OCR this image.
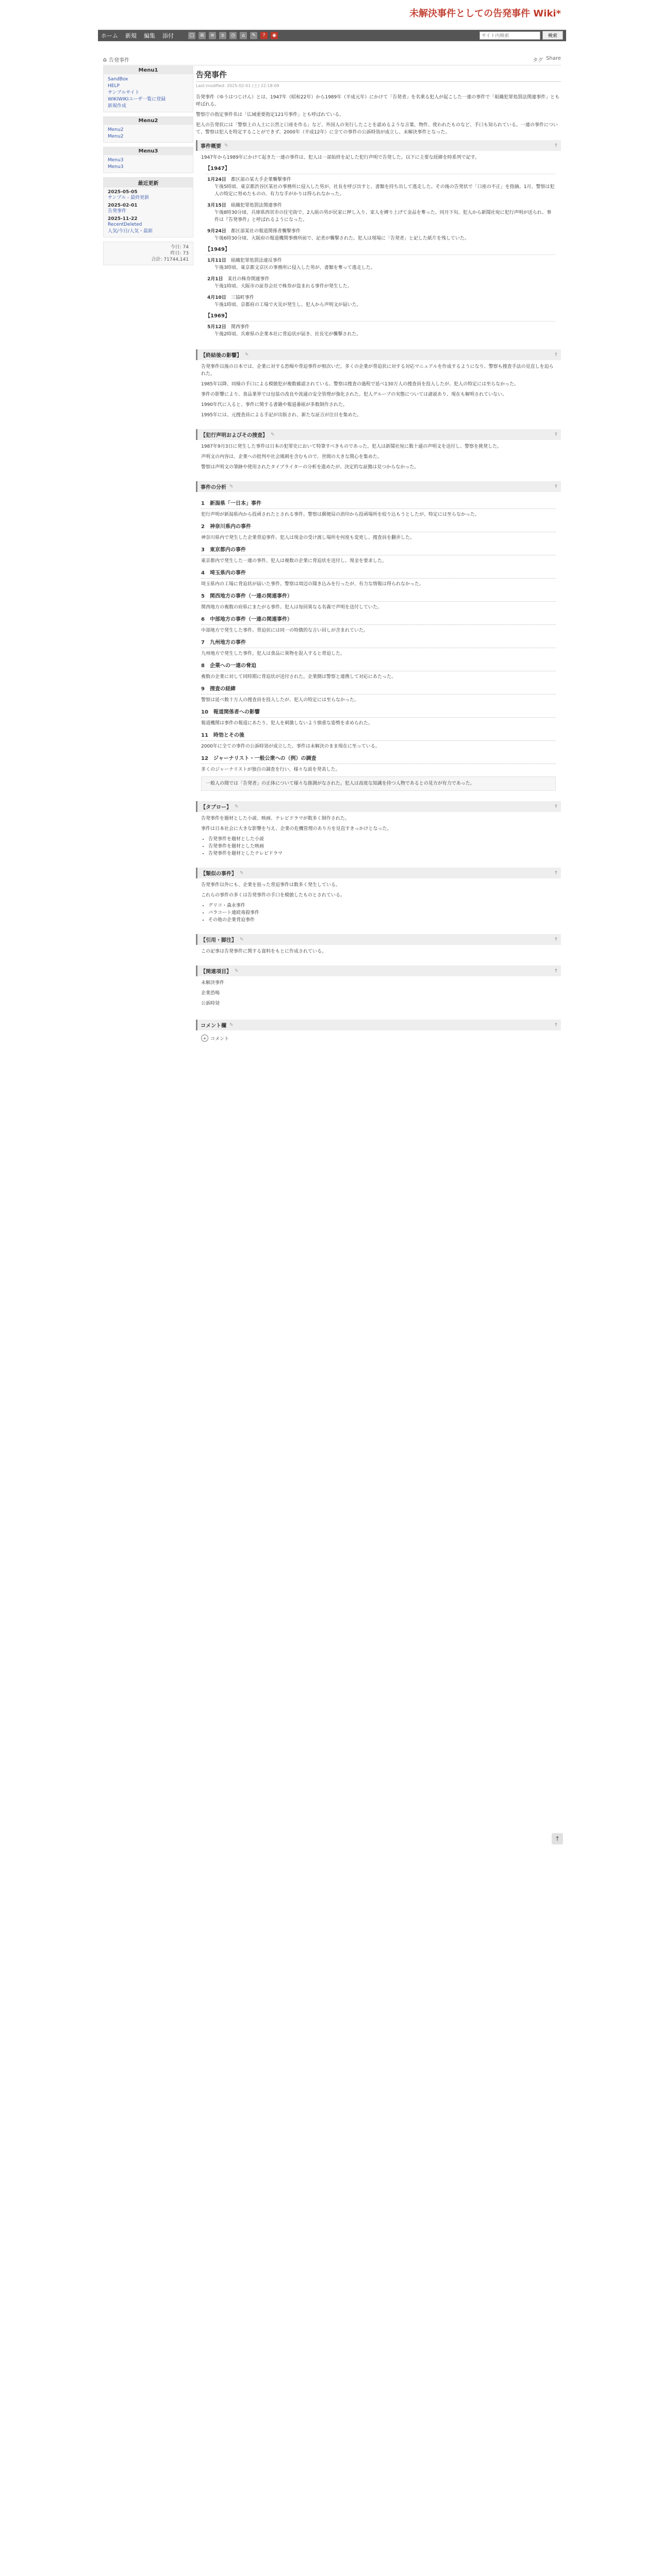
未解決事件としての告発事件 Wiki*
ホーム 新規 編集 添付	▢	⧉	≡	±	◷	⌂	✎	?	◉
サイト内検索	検索
⌂ 告発事件	タグ Share
Menu1
SandBox
HELP
サンプルサイト
WIKIWIKIユーザ一覧に登録
新規作成
Menu2
Menu2
Menu2
Menu3
Menu3
Menu3
最近更新
2025-05-05
サンプル - 最終更新
2025-02-01
告発事件
2025-11-22
RecentDeleted
人気/今日/人気・最新
今日: 74
昨日: 73
合計: 71744,141
告発事件
Last-modified: 2025-02-01 (土) 22:18:09

告発事件（ゆうはつじけん）とは、1947年（昭和22年）から1989年（平成元年）にかけて「告発者」を名乗る犯人が起こした一連の事件で「組織犯罪処罰法関連事件」とも呼ばれる。

警察庁の指定事件名は「広域重要指定121号事件」とも呼ばれている。

犯人の告発状には「警察上の人士に公然と口座を作る」など、外国人の実行したことを認めるような言葉、物件、使われたものなど、手口も知られている。一連の事件について、警察は犯人を特定することができず、2000年（平成12年）に全ての事件の公訴時効が成立し、未解決事件となった。

事件概要 ✎	↑

1947年から1989年にかけて起きた一連の事件は、犯人は一部始終を記した犯行声明で告発した。以下に主要な経緯を時系列で記す。

【1947】
1月24日　 都区部の某大手企業襲撃事件
午後5時頃、東京都渋谷区某社の事務所に侵入した男が、社長を呼び出すと、書類を持ち出して逃走した。その後の告発状で「口座の不正」を指摘。1月、警察は犯人の特定に努めたものの、有力な手がかりは得られなかった。
3月15日　 組織犯罪処罰法関連事件
午後8時30分頃、兵庫県西宮市の住宅街で、2人組の男が民家に押し入り、家人を縛り上げて金品を奪った。同月下旬、犯人から新聞社宛に犯行声明が送られ、事件は『告発事件』と呼ばれるようになった。
9月24日　 都区部某社の報道関係者襲撃事件
午後6時30分頃、大阪府の報道機関事務所前で、記者が襲撃された。犯人は現場に「告発者」と記した紙片を残していた。
【1949】
1月11日　 組織犯罪処罰法違反事件
午後3時頃、東京都文京区の事務所に侵入した男が、書類を奪って逃走した。
2月1日　 某社の株券関連事件
午後1時頃、大阪市の証券会社で株券が盗まれる事件が発生した。
4月10日　 三協町事件
午後1時頃、京都府の工場で火災が発生し、犯人から声明文が届いた。
【1969】
5月12日　 関西事件
午後2時頃、兵庫県の企業本社に脅迫状が届き、社長宅が襲撃された。
【終結後の影響】 ✎	↑

告発事件以後の日本では、企業に対する恐喝や脅迫事件が相次いだ。多くの企業が脅迫状に対する対応マニュアルを作成するようになり、警察も捜査手法の見直しを迫られた。

1985年以降、同様の手口による模倣犯が複数確認されている。警察は捜査の過程で延べ130万人の捜査員を投入したが、犯人の特定には至らなかった。

事件の影響により、食品業界では包装の改良や流通の安全管理が強化された。犯人グループの実態については諸説あり、現在も解明されていない。

1990年代に入ると、事件に関する書籍や報道番組が多数制作された。

1995年には、元捜査員による手記が出版され、新たな証言が注目を集めた。

【犯行声明およびその捜査】 ✎	↑

1987年9月3日に発生した事件は日本の犯罪史において特筆すべきものであった。犯人は新聞社宛に数十通の声明文を送付し、警察を挑発した。

声明文の内容は、企業への批判や社会風刺を含むもので、世間の大きな関心を集めた。

警察は声明文の筆跡や使用されたタイプライターの分析を進めたが、決定的な証拠は見つからなかった。

事件の分析 ✎	↑
1　新潟県「一日本」事件

犯行声明が新潟県内から投函されたとされる事件。警察は郵便局の消印から投函場所を絞り込もうとしたが、特定には至らなかった。

2　神奈川県内の事件

神奈川県内で発生した企業脅迫事件。犯人は現金の受け渡し場所を何度も変更し、捜査員を翻弄した。

3　東京都内の事件

東京都内で発生した一連の事件。犯人は複数の企業に脅迫状を送付し、現金を要求した。

4　埼玉県内の事件

埼玉県内の工場に脅迫状が届いた事件。警察は周辺の聞き込みを行ったが、有力な情報は得られなかった。

5　関西地方の事件（一連の関連事件）

関西地方の複数の府県にまたがる事件。犯人は毎回異なる名義で声明を送付していた。

6　中部地方の事件（一連の関連事件）

中部地方で発生した事件。脅迫状には同一の特徴的な言い回しが含まれていた。

7　九州地方の事件

九州地方で発生した事件。犯人は食品に異物を混入すると脅迫した。

8　企業への一連の脅迫

複数の企業に対して同時期に脅迫状が送付された。企業側は警察と連携して対応にあたった。

9　捜査の経緯

警察は延べ数十万人の捜査員を投入したが、犯人の特定には至らなかった。

10　報道関係者への影響

報道機関は事件の報道にあたり、犯人を刺激しないよう慎重な姿勢を求められた。

11　時効とその後

2000年に全ての事件の公訴時効が成立した。事件は未解決のまま現在に至っている。

12　ジャーナリスト・一般公衆への（例）の調査

多くのジャーナリストが独自の調査を行い、様々な説を発表した。

一般人の間では「告発者」の正体について様々な推測がなされた。犯人は高度な知識を持つ人物であるとの見方が有力であった。
【タブロー】 ✎	↑

告発事件を題材とした小説、映画、テレビドラマが数多く制作された。

事件は日本社会に大きな影響を与え、企業の危機管理のあり方を見直すきっかけとなった。

• 告発事件を題材とした小説
• 告発事件を題材とした映画
• 告発事件を題材としたテレビドラマ
【類似の事件】 ✎	↑

告発事件以外にも、企業を狙った脅迫事件は数多く発生している。

これらの事件の多くは告発事件の手口を模倣したものとされている。

• グリコ・森永事件
• パラコート連続毒殺事件
• その他の企業脅迫事件
【引用・脚注】 ✎	↑

この記事は告発事件に関する資料をもとに作成されている。

【関連項目】 ✎	↑

未解決事件

企業恐喝

公訴時効

コメント欄 ✎	↑
+ コメント
↑
